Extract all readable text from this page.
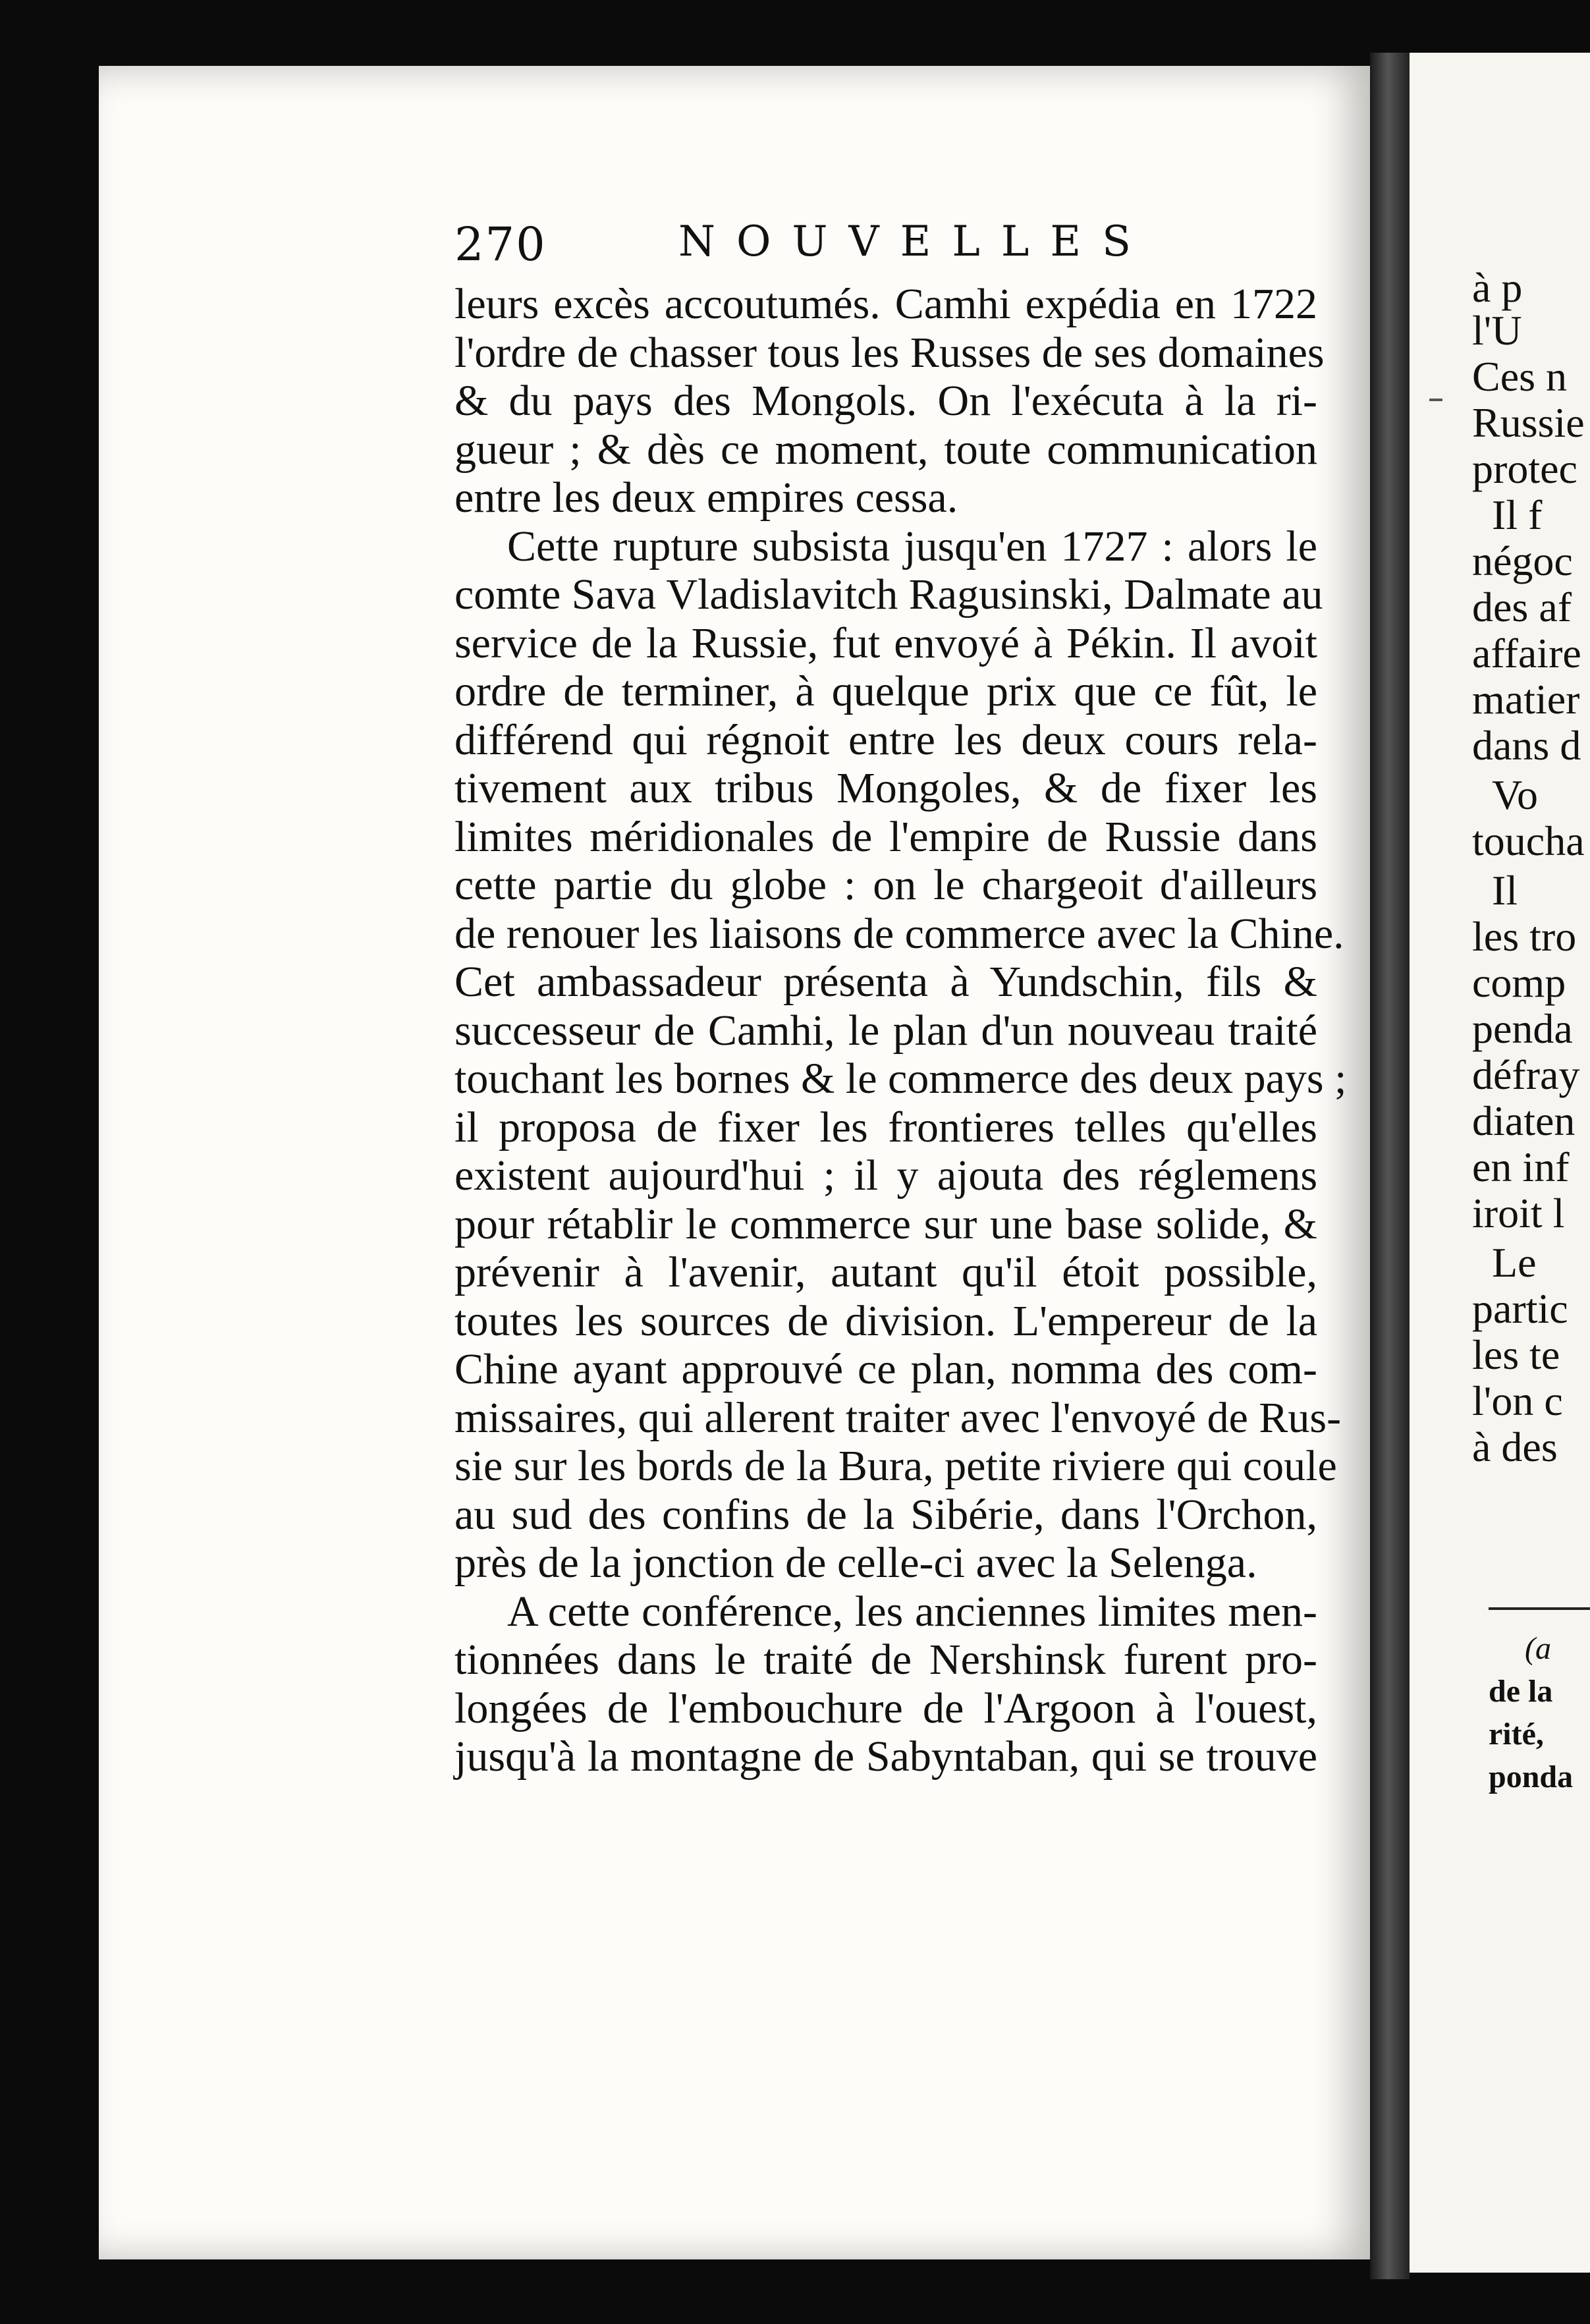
à p
l'U
Ces n
Russie
protec
Il f
négoc
des af
affaire
matier
dans d
Vo
toucha
Il
les tro
comp
penda
défray
diaten
en inf
iroit l
Le
partic
les te
l'on c
à des
(a
de la
rité,
ponda
270	NOUVELLES
leurs excès accoutumés. Camhi expédia en 1722
l'ordre de chasser tous les Russes de ses domaines
& du pays des Mongols. On l'exécuta à la ri-
gueur ; & dès ce moment, toute communication
entre les deux empires cessa.
Cette rupture subsista jusqu'en 1727 : alors le
comte Sava Vladislavitch Ragusinski, Dalmate au
service de la Russie, fut envoyé à Pékin. Il avoit
ordre de terminer, à quelque prix que ce fût, le
différend qui régnoit entre les deux cours rela-
tivement aux tribus Mongoles, & de fixer les
limites méridionales de l'empire de Russie dans
cette partie du globe : on le chargeoit d'ailleurs
de renouer les liaisons de commerce avec la Chine.
Cet ambassadeur présenta à Yundschin, fils &
successeur de Camhi, le plan d'un nouveau traité
touchant les bornes & le commerce des deux pays ;
il proposa de fixer les frontieres telles qu'elles
existent aujourd'hui ; il y ajouta des réglemens
pour rétablir le commerce sur une base solide, &
prévenir à l'avenir, autant qu'il étoit possible,
toutes les sources de division. L'empereur de la
Chine ayant approuvé ce plan, nomma des com-
missaires, qui allerent traiter avec l'envoyé de Rus-
sie sur les bords de la Bura, petite riviere qui coule
au sud des confins de la Sibérie, dans l'Orchon,
près de la jonction de celle-ci avec la Selenga.
A cette conférence, les anciennes limites men-
tionnées dans le traité de Nershinsk furent pro-
longées de l'embouchure de l'Argoon à l'ouest,
jusqu'à la montagne de Sabyntaban, qui se trouve
